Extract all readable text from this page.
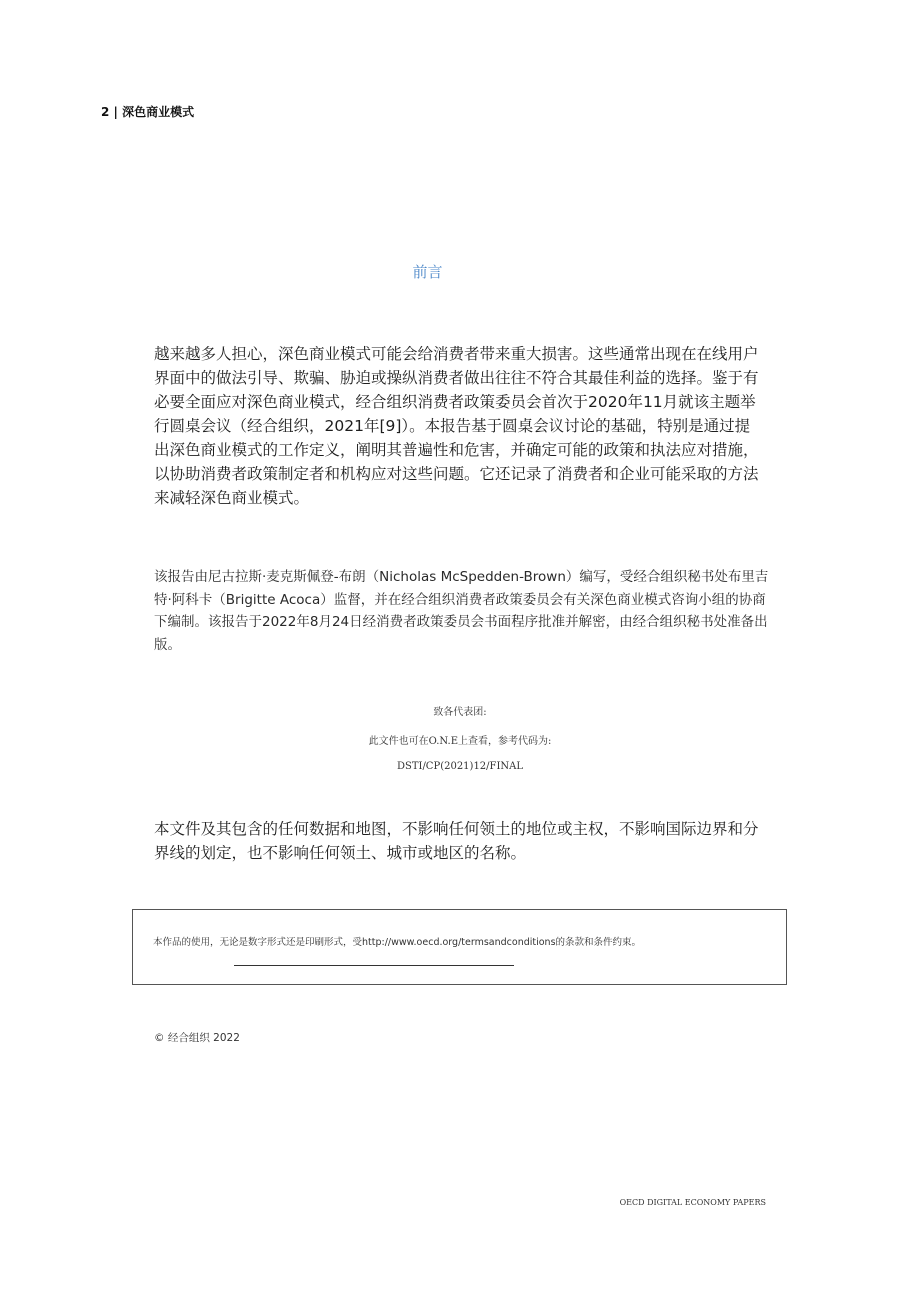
2 | 深色商业模式
前言

越来越多人担心，深色商业模式可能会给消费者带来重大损害。这些通常出现在在线用户界面中的做法引导、欺骗、胁迫或操纵消费者做出往往不符合其最佳利益的选择。鉴于有必要全面应对深色商业模式，经合组织消费者政策委员会首次于2020年11月就该主题举行圆桌会议（经合组织，2021年[9]）。本报告基于圆桌会议讨论的基础，特别是通过提出深色商业模式的工作定义，阐明其普遍性和危害，并确定可能的政策和执法应对措施，以协助消费者政策制定者和机构应对这些问题。它还记录了消费者和企业可能采取的方法来减轻深色商业模式。

该报告由尼古拉斯·麦克斯佩登-布朗（Nicholas McSpedden-Brown）编写，受经合组织秘书处布里吉特·阿科卡（Brigitte Acoca）监督，并在经合组织消费者政策委员会有关深色商业模式咨询小组的协商下编制。该报告于2022年8月24日经消费者政策委员会书面程序批准并解密，由经合组织秘书处准备出版。

致各代表团:
此文件也可在O.N.E上查看，参考代码为:
DSTI/CP(2021)12/FINAL

本文件及其包含的任何数据和地图，不影响任何领土的地位或主权，不影响国际边界和分界线的划定，也不影响任何领土、城市或地区的名称。

本作品的使用，无论是数字形式还是印刷形式，受http://www.oecd.org/termsandconditions的条款和条件约束。
© 经合组织 2022
OECD DIGITAL ECONOMY PAPERS
